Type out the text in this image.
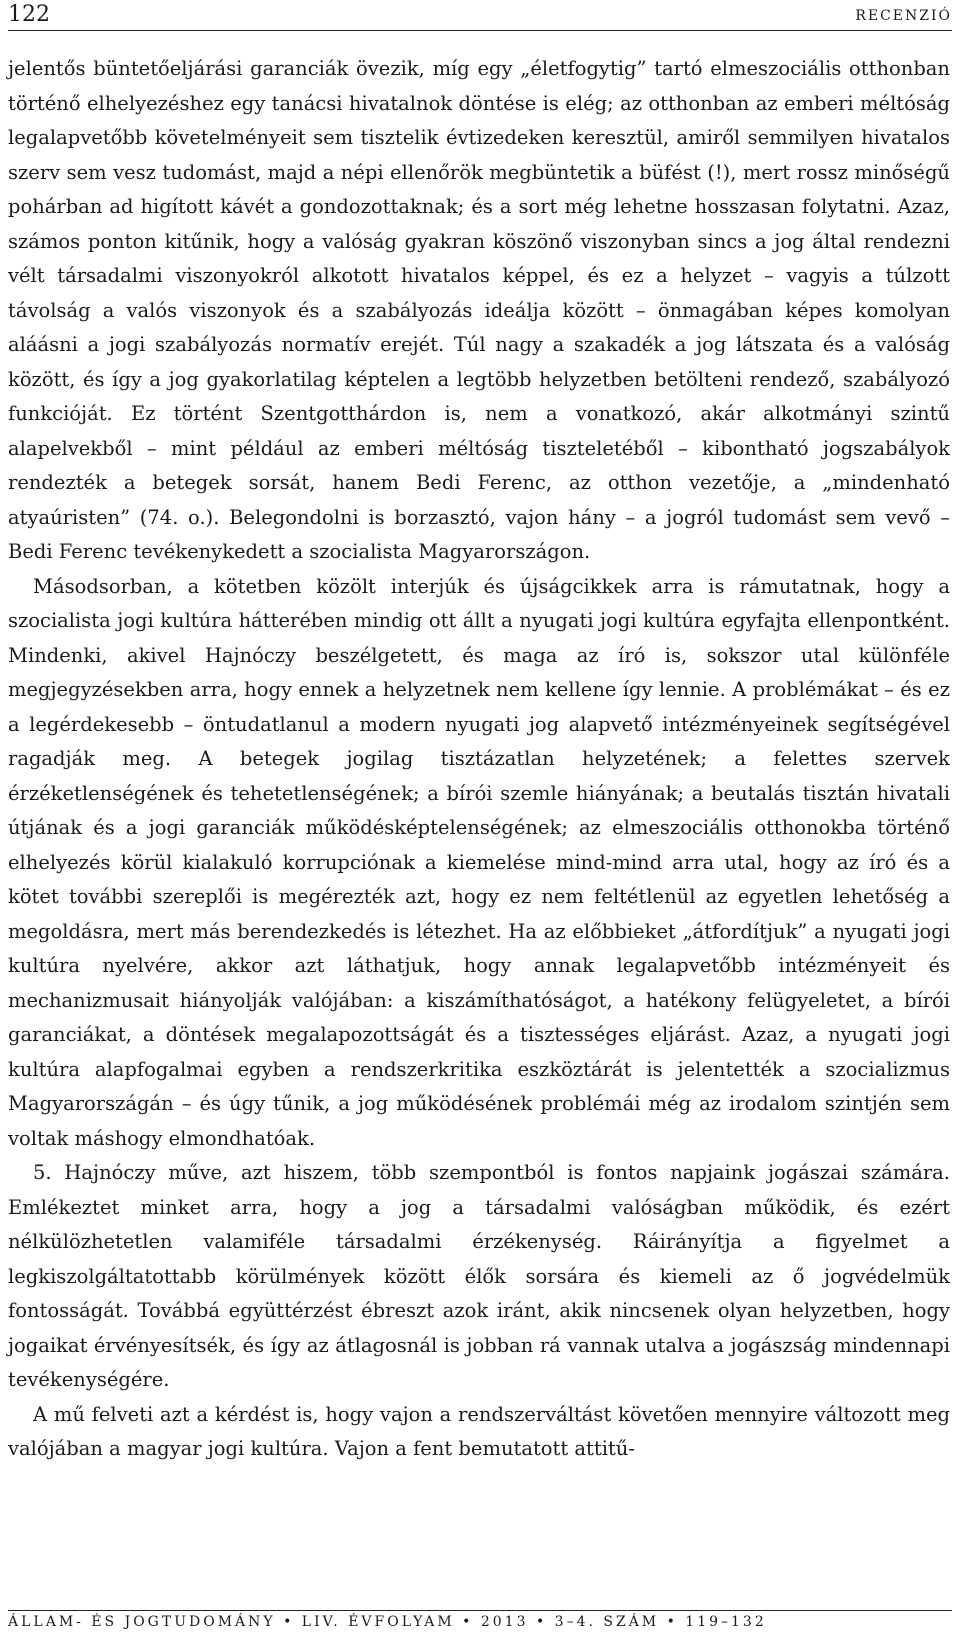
122	RECENZIÓ

jelentős büntetőeljárási garanciák övezik, míg egy „életfogytig” tartó elmeszociális otthonban történő elhelyezéshez egy tanácsi hivatalnok döntése is elég; az otthonban az emberi méltóság legalapvetőbb követelményeit sem tisztelik évtizedeken keresztül, amiről semmilyen hivatalos szerv sem vesz tudomást, majd a népi ellenőrök megbüntetik a büfést (!), mert rossz minőségű pohárban ad higított kávét a gondozottaknak; és a sort még lehetne hosszasan folytatni. Azaz, számos ponton kitűnik, hogy a valóság gyakran köszönő viszonyban sincs a jog által rendezni vélt társadalmi viszonyokról alkotott hivatalos képpel, és ez a helyzet – vagyis a túlzott távolság a valós viszonyok és a szabályozás ideálja között – önmagában képes komolyan aláásni a jogi szabályozás normatív erejét. Túl nagy a szakadék a jog látszata és a valóság között, és így a jog gyakorlatilag képtelen a legtöbb helyzetben betölteni rendező, szabályozó funkcióját. Ez történt Szentgotthárdon is, nem a vonatkozó, akár alkotmányi szintű alapelvekből – mint például az emberi méltóság tiszteletéből – kibontható jogszabályok rendezték a betegek sorsát, hanem Bedi Ferenc, az otthon vezetője, a „mindenható atyaúristen” (74. o.). Belegondolni is borzasztó, vajon hány – a jogról tudomást sem vevő – Bedi Ferenc tevékenykedett a szocialista Magyarországon.

Másodsorban, a kötetben közölt interjúk és újságcikkek arra is rámutatnak, hogy a szocialista jogi kultúra hátterében mindig ott állt a nyugati jogi kultúra egyfajta ellenpontként. Mindenki, akivel Hajnóczy beszélgetett, és maga az író is, sokszor utal különféle megjegyzésekben arra, hogy ennek a helyzetnek nem kellene így lennie. A problémákat – és ez a legérdekesebb – öntudatlanul a modern nyugati jog alapvető intézményeinek segítségével ragadják meg. A betegek jogilag tisztázatlan helyzetének; a felettes szervek érzéketlenségének és tehetetlenségének; a bírói szemle hiányának; a beutalás tisztán hivatali útjának és a jogi garanciák működésképtelenségének; az elmeszociális otthonokba történő elhelyezés körül kialakuló korrupciónak a kiemelése mind-mind arra utal, hogy az író és a kötet további szereplői is megérezték azt, hogy ez nem feltétlenül az egyetlen lehetőség a megoldásra, mert más berendezkedés is létezhet. Ha az előbbieket „átfordítjuk” a nyugati jogi kultúra nyelvére, akkor azt láthatjuk, hogy annak legalapvetőbb intézményeit és mechanizmusait hiányolják valójában: a kiszámíthatóságot, a hatékony felügyeletet, a bírói garanciákat, a döntések megalapozottságát és a tisztességes eljárást. Azaz, a nyugati jogi kultúra alapfogalmai egyben a rendszerkritika eszköztárát is jelentették a szocializmus Magyarországán – és úgy tűnik, a jog működésének problémái még az irodalom szintjén sem voltak máshogy elmondhatóak.

5. Hajnóczy műve, azt hiszem, több szempontból is fontos napjaink jogászai számára. Emlékeztet minket arra, hogy a jog a társadalmi valóságban működik, és ezért nélkülözhetetlen valamiféle társadalmi érzékenység. Ráirányítja a figyelmet a legkiszolgáltatottabb körülmények között élők sorsára és kiemeli az ő jogvédelmük fontosságát. Továbbá együttérzést ébreszt azok iránt, akik nincsenek olyan helyzetben, hogy jogaikat érvényesítsék, és így az átlagosnál is jobban rá vannak utalva a jogászság mindennapi tevékenységére.

A mű felveti azt a kérdést is, hogy vajon a rendszerváltást követően mennyire változott meg valójában a magyar jogi kultúra. Vajon a fent bemutatott attitű-

ÁLLAM- ÉS JOGTUDOMÁNY • LIV. ÉVFOLYAM • 2013 • 3–4. SZÁM • 119–132
